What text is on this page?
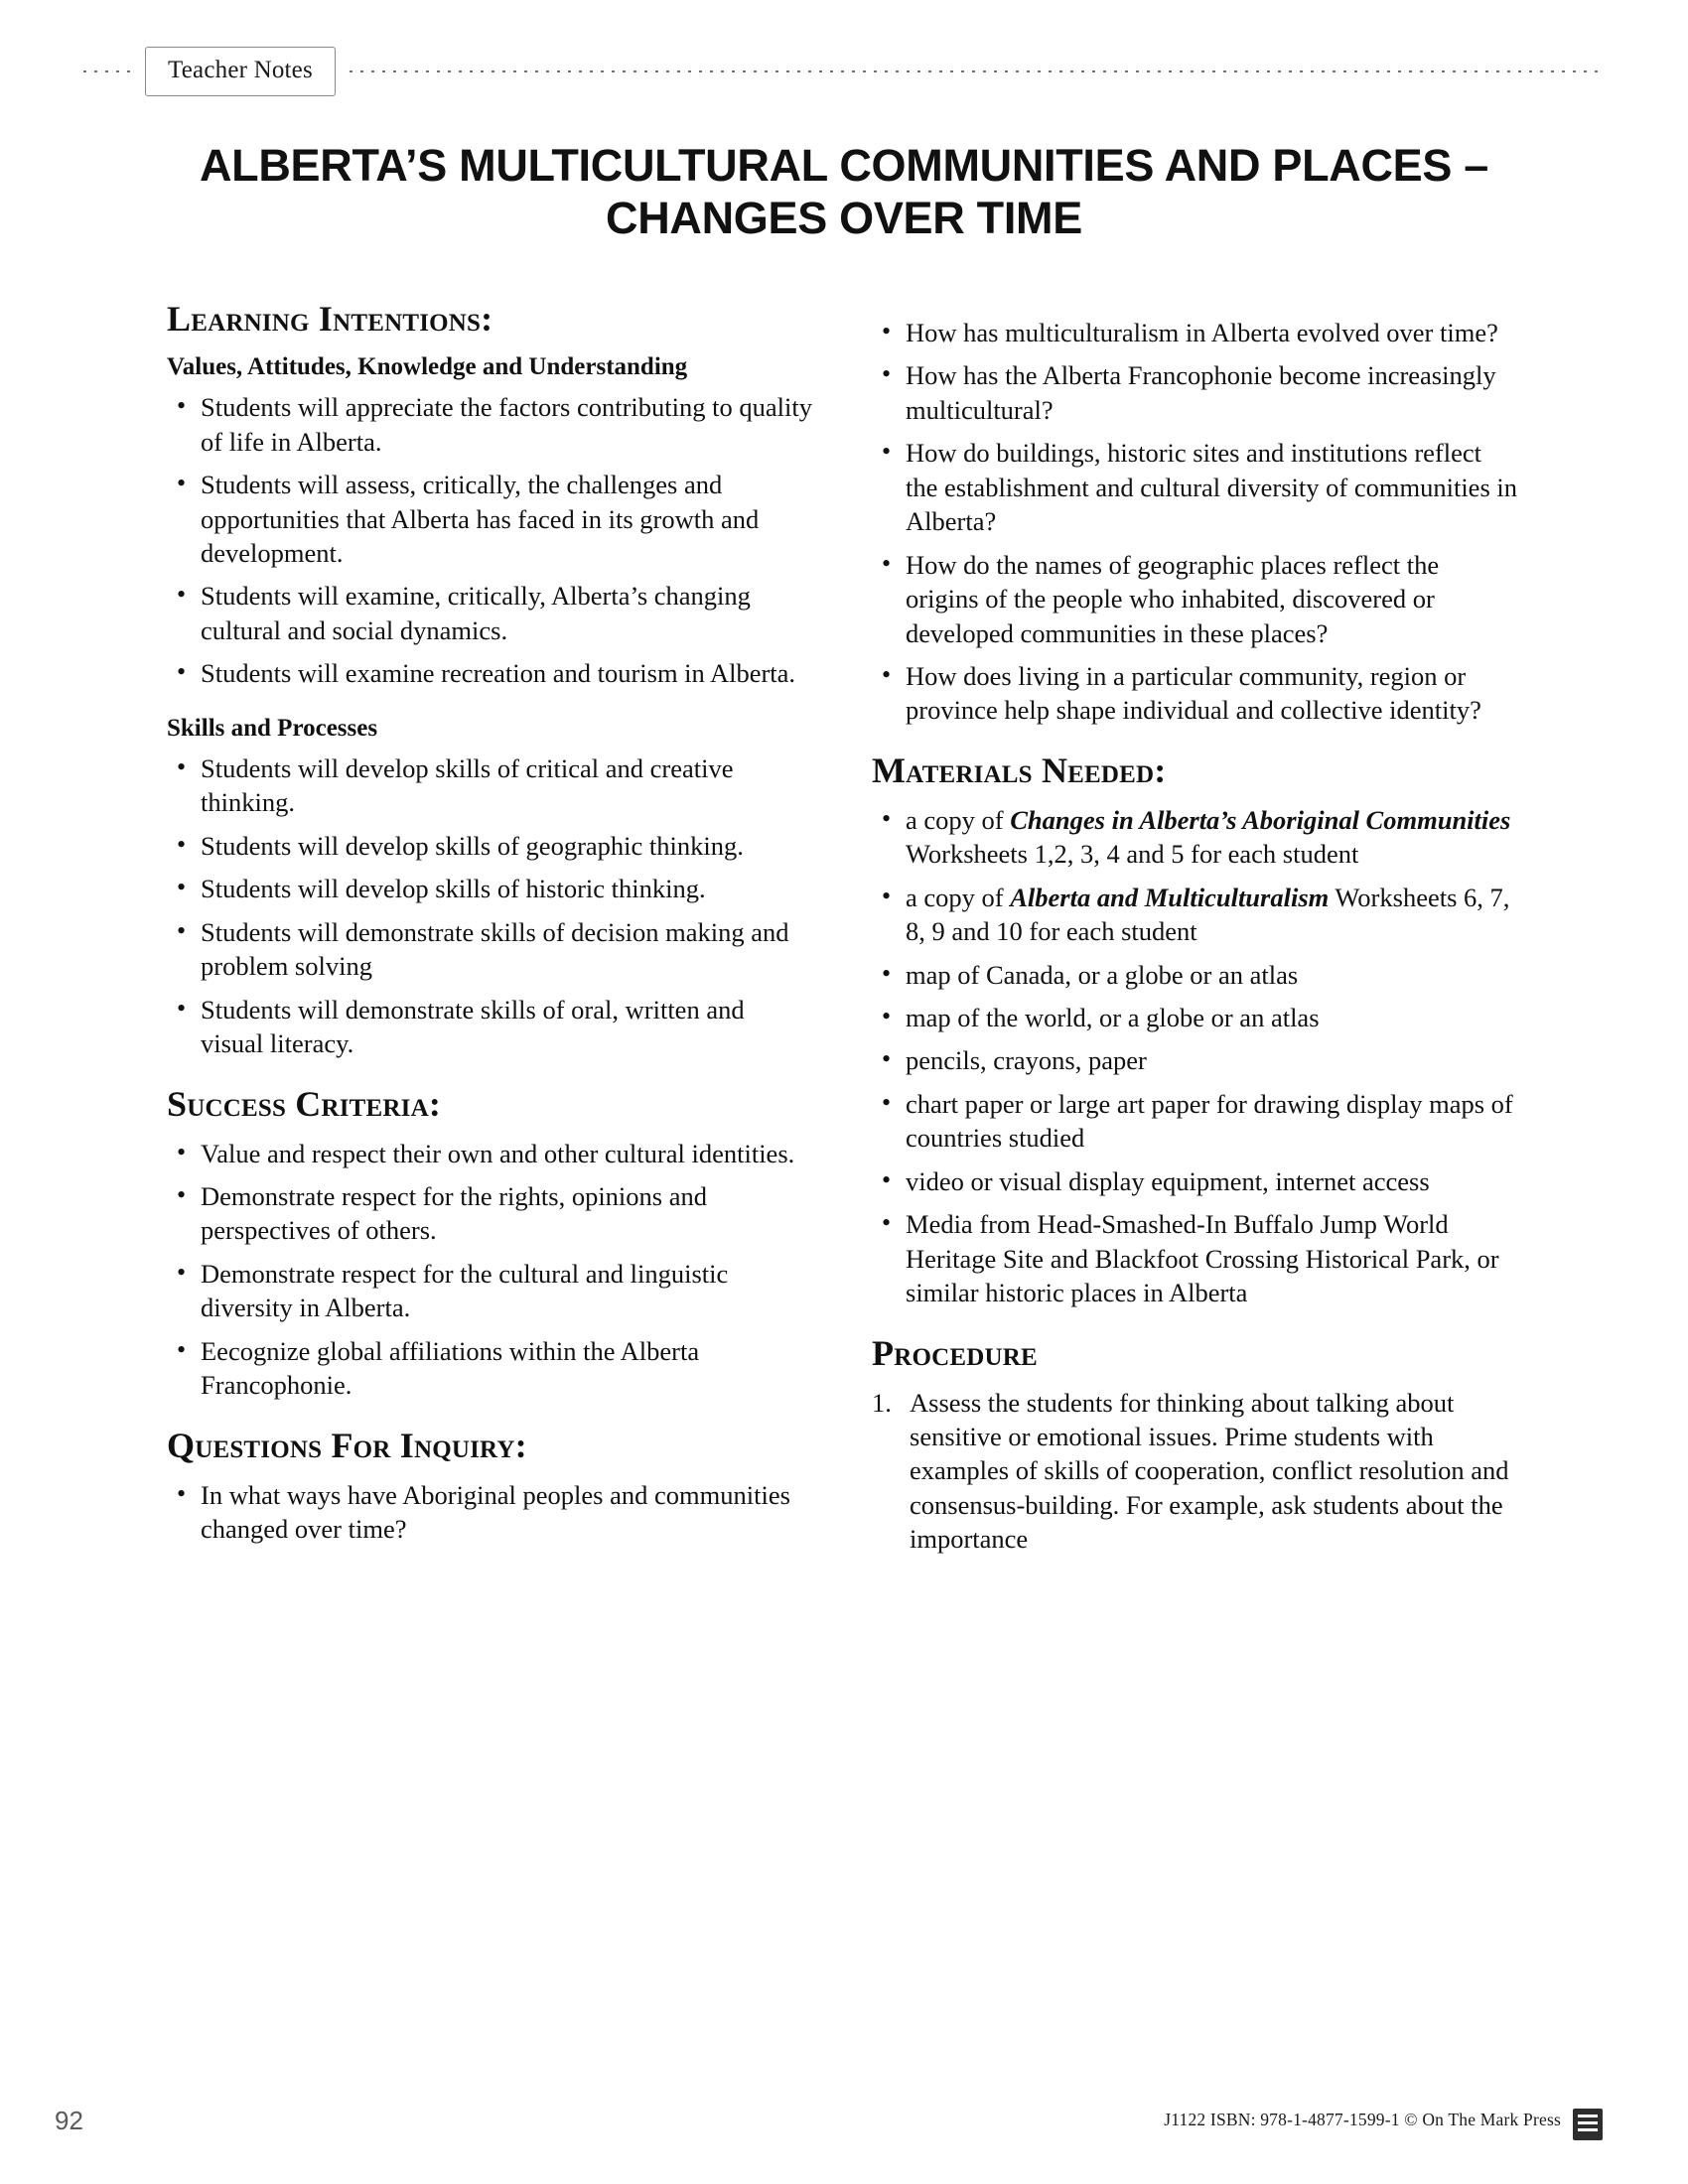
Teacher Notes
ALBERTA’S MULTICULTURAL COMMUNITIES AND PLACES – CHANGES OVER TIME
Learning Intentions:
Values, Attitudes, Knowledge and Understanding
• Students will appreciate the factors contributing to quality of life in Alberta.
• Students will assess, critically, the challenges and opportunities that Alberta has faced in its growth and development.
• Students will examine, critically, Alberta’s changing cultural and social dynamics.
• Students will examine recreation and tourism in Alberta.
Skills and Processes
• Students will develop skills of critical and creative thinking.
• Students will develop skills of geographic thinking.
• Students will develop skills of historic thinking.
• Students will demonstrate skills of decision making and problem solving
• Students will demonstrate skills of oral, written and visual literacy.
Success Criteria:
• Value and respect their own and other cultural identities.
• Demonstrate respect for the rights, opinions and perspectives of others.
• Demonstrate respect for the cultural and linguistic diversity in Alberta.
• Eecognize global affiliations within the Alberta Francophonie.
Questions For Inquiry:
• In what ways have Aboriginal peoples and communities changed over time?
• How has multiculturalism in Alberta evolved over time?
• How has the Alberta Francophonie become increasingly multicultural?
• How do buildings, historic sites and institutions reflect the establishment and cultural diversity of communities in Alberta?
• How do the names of geographic places reflect the origins of the people who inhabited, discovered or developed communities in these places?
• How does living in a particular community, region or province help shape individual and collective identity?
Materials Needed:
• a copy of Changes in Alberta’s Aboriginal Communities Worksheets 1,2, 3, 4 and 5 for each student
• a copy of Alberta and Multiculturalism Worksheets 6, 7, 8, 9 and 10 for each student
• map of Canada, or a globe or an atlas
• map of the world, or a globe or an atlas
• pencils, crayons, paper
• chart paper or large art paper for drawing display maps of countries studied
• video or visual display equipment, internet access
• Media from Head-Smashed-In Buffalo Jump World Heritage Site and Blackfoot Crossing Historical Park, or similar historic places in Alberta
Procedure
Assess the students for thinking about talking about sensitive or emotional issues. Prime students with examples of skills of cooperation, conflict resolution and consensus-building. For example, ask students about the importance
92	J1122 ISBN: 978-1-4877-1599-1 © On The Mark Press
